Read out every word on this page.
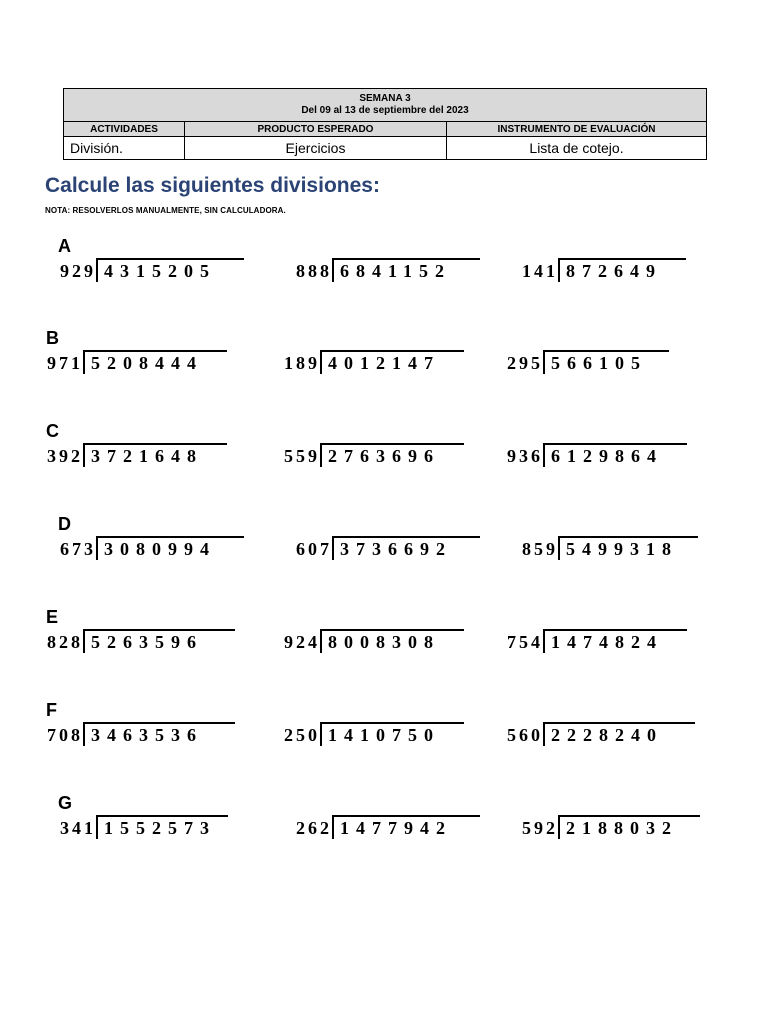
SEMANA 3
Del 09 al 13 de septiembre del 2023		

ACTIVIDADES	PRODUCTO ESPERADO	INSTRUMENTO DE EVALUACIÓN
División.	Ejercicios	Lista de cotejo.
Calcule las siguientes divisiones:
NOTA: RESOLVERLOS MANUALMENTE, SIN CALCULADORA.
A
929 4315205	888 6841152	141 872649
B
971 5208444	189 4012147	295 566105
C
392 3721648	559 2763696	936 6129864
D
673 3080994	607 3736692	859 5499318
E
828 5263596	924 8008308	754 1474824
F
708 3463536	250 1410750	560 2228240
G
341 1552573	262 1477942	592 2188032
